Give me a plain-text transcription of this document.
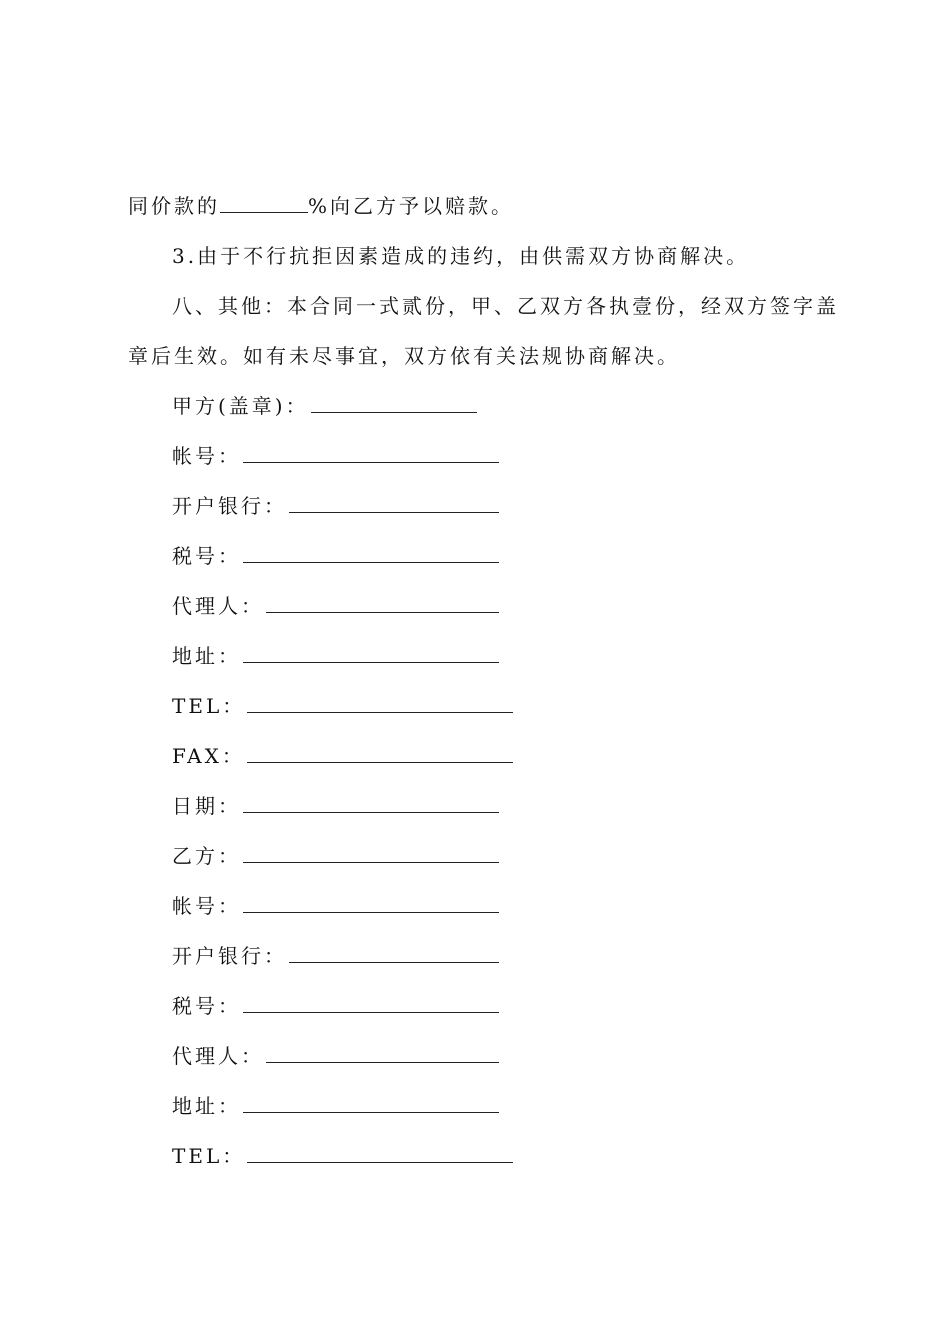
同价款的	%向乙方予以赔款。
3.由于不行抗拒因素造成的违约，由供需双方协商解决。
八、其他：本合同一式贰份，甲、乙双方各执壹份，经双方签字盖
章后生效。如有未尽事宜，双方依有关法规协商解决。
甲方(盖章)：
帐号：
开户银行：
税号：
代理人：
地址：
TEL：
FAX：
日期：
乙方：
帐号：
开户银行：
税号：
代理人：
地址：
TEL：
